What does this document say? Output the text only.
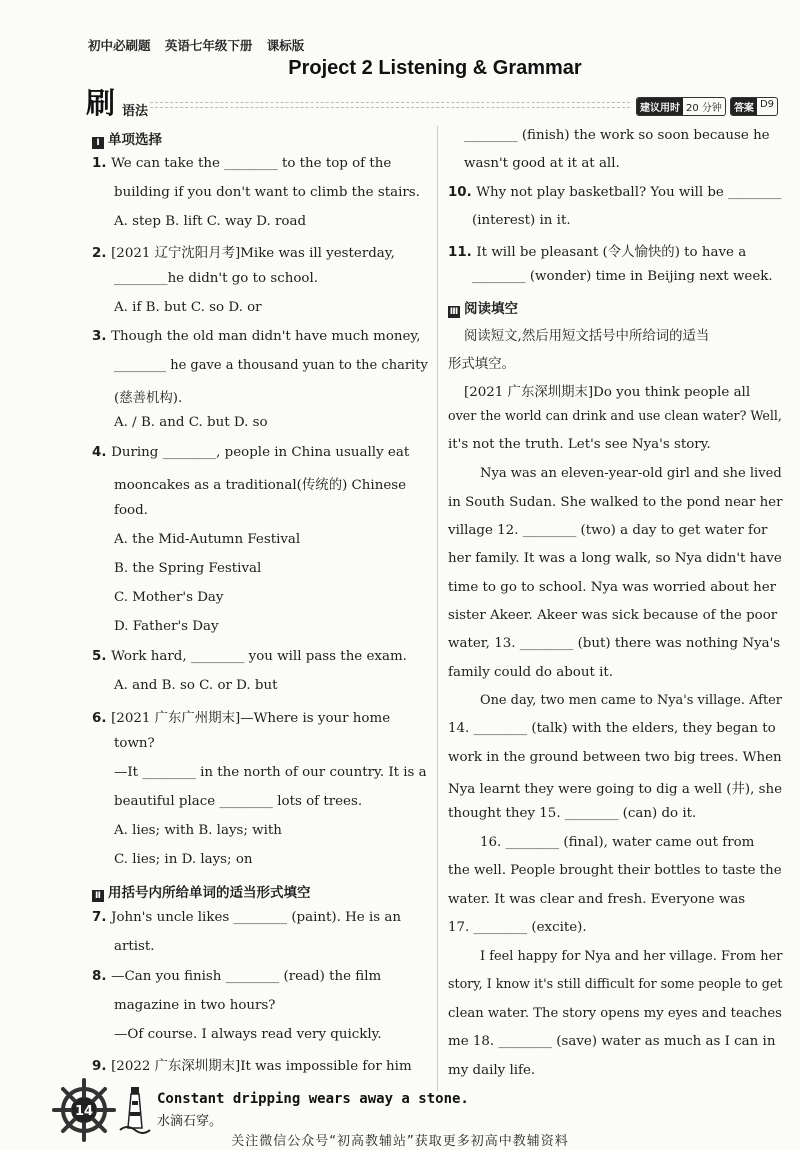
初中必刷题 英语七年级下册 课标版
Project 2 Listening & Grammar
刷 语法	建议用时 20 分钟	答案 D9
Ⅰ 单项选择
1. We can take the ________ to the top of the
building if you don't want to climb the stairs.
A. step B. lift C. way D. road
2. [2021 辽宁沈阳月考]Mike was ill yesterday,
________he didn't go to school.
A. if B. but C. so D. or
3. Though the old man didn't have much money,
________ he gave a thousand yuan to the charity
(慈善机构).
A. / B. and C. but D. so
4. During ________, people in China usually eat
mooncakes as a traditional(传统的) Chinese
food.
A. the Mid-Autumn Festival
B. the Spring Festival
C. Mother's Day
D. Father's Day
5. Work hard, ________ you will pass the exam.
A. and B. so C. or D. but
6. [2021 广东广州期末]—Where is your home
town?
—It ________ in the north of our country. It is a
beautiful place ________ lots of trees.
A. lies; with B. lays; with
C. lies; in D. lays; on
Ⅱ 用括号内所给单词的适当形式填空
7. John's uncle likes ________ (paint). He is an
artist.
8. —Can you finish ________ (read) the film
magazine in two hours?
—Of course. I always read very quickly.
9. [2022 广东深圳期末]It was impossible for him
________ (finish) the work so soon because he
wasn't good at it at all.
10. Why not play basketball? You will be ________
(interest) in it.
11. It will be pleasant (令人愉快的) to have a
________ (wonder) time in Beijing next week.
Ⅲ 阅读填空
阅读短文,然后用短文括号中所给词的适当
形式填空。
[2021 广东深圳期末]Do you think people all
over the world can drink and use clean water? Well,
it's not the truth. Let's see Nya's story.
Nya was an eleven-year-old girl and she lived
in South Sudan. She walked to the pond near her
village 12. ________ (two) a day to get water for
her family. It was a long walk, so Nya didn't have
time to go to school. Nya was worried about her
sister Akeer. Akeer was sick because of the poor
water, 13. ________ (but) there was nothing Nya's
family could do about it.
One day, two men came to Nya's village. After
14. ________ (talk) with the elders, they began to
work in the ground between two big trees. When
Nya learnt they were going to dig a well (井), she
thought they 15. ________ (can) do it.
16. ________ (final), water came out from
the well. People brought their bottles to taste the
water. It was clear and fresh. Everyone was
17. ________ (excite).
I feel happy for Nya and her village. From her
story, I know it's still difficult for some people to get
clean water. The story opens my eyes and teaches
me 18. ________ (save) water as much as I can in
my daily life.
14
Constant dripping wears away a stone.
水滴石穿。
关注微信公众号“初高教辅站”获取更多初高中教辅资料
